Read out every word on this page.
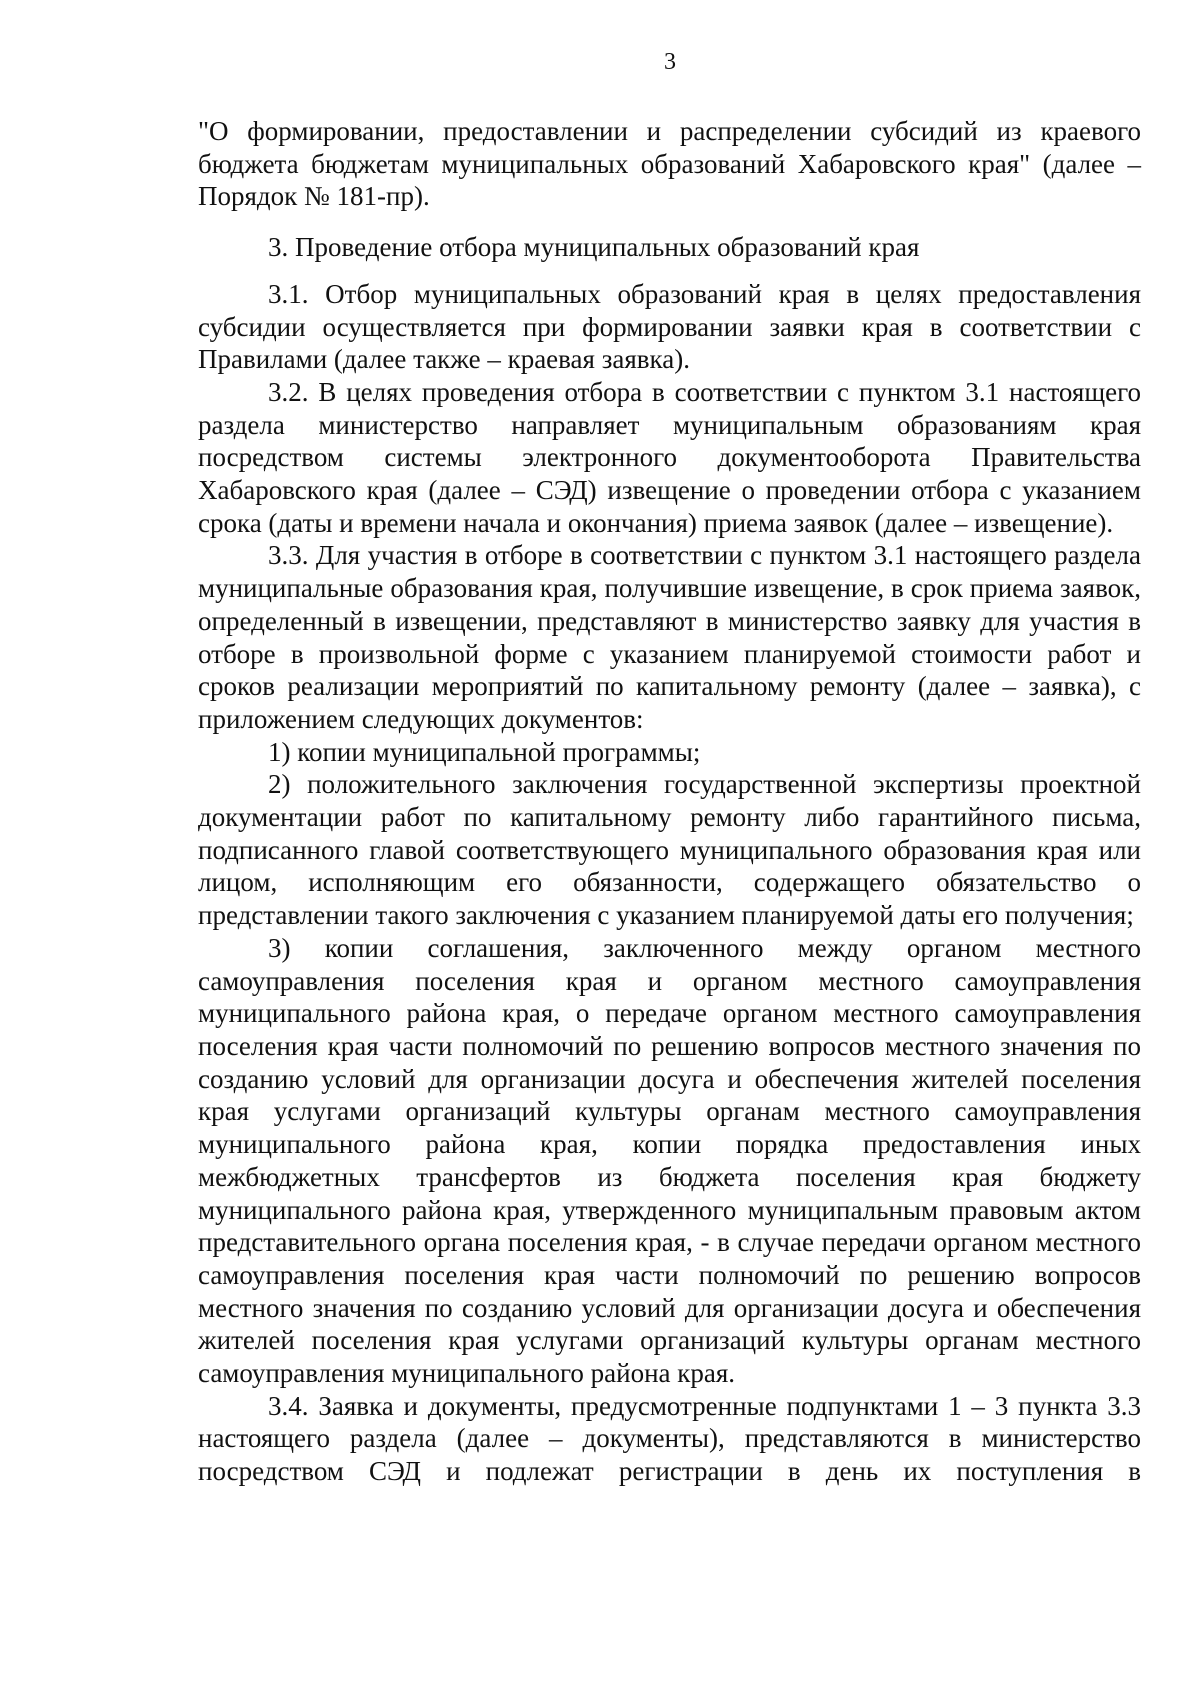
3

"О формировании, предоставлении и распределении субсидий из краевого бюджета бюджетам муниципальных образований Хабаровского края" (далее – Порядок № 181-пр).

3. Проведение отбора муниципальных образований края

3.1. Отбор муниципальных образований края в целях предоставления субсидии осуществляется при формировании заявки края в соответствии с Правилами (далее также – краевая заявка).

3.2. В целях проведения отбора в соответствии с пунктом 3.1 настоящего раздела министерство направляет муниципальным образованиям края посредством системы электронного документооборота Правительства Хабаровского края (далее – СЭД) извещение о проведении отбора с указанием срока (даты и времени начала и окончания) приема заявок (далее – извещение).

3.3. Для участия в отборе в соответствии с пунктом 3.1 настоящего раздела муниципальные образования края, получившие извещение, в срок приема заявок, определенный в извещении, представляют в министерство заявку для участия в отборе в произвольной форме с указанием планируемой стоимости работ и сроков реализации мероприятий по капитальному ремонту (далее – заявка), с приложением следующих документов:

1) копии муниципальной программы;

2) положительного заключения государственной экспертизы проектной документации работ по капитальному ремонту либо гарантийного письма, подписанного главой соответствующего муниципального образования края или лицом, исполняющим его обязанности, содержащего обязательство о представлении такого заключения с указанием планируемой даты его получения;

3) копии соглашения, заключенного между органом местного самоуправления поселения края и органом местного самоуправления муниципального района края, о передаче органом местного самоуправления поселения края части полномочий по решению вопросов местного значения по созданию условий для организации досуга и обеспечения жителей поселения края услугами организаций культуры органам местного самоуправления муниципального района края, копии порядка предоставления иных межбюджетных трансфертов из бюджета поселения края бюджету муниципального района края, утвержденного муниципальным правовым актом представительного органа поселения края, - в случае передачи органом местного самоуправления поселения края части полномочий по решению вопросов местного значения по созданию условий для организации досуга и обеспечения жителей поселения края услугами организаций культуры органам местного самоуправления муниципального района края.

3.4. Заявка и документы, предусмотренные подпунктами 1 – 3 пункта 3.3 настоящего раздела (далее – документы), представляются в министерство посредством СЭД и подлежат регистрации в день их поступления в
